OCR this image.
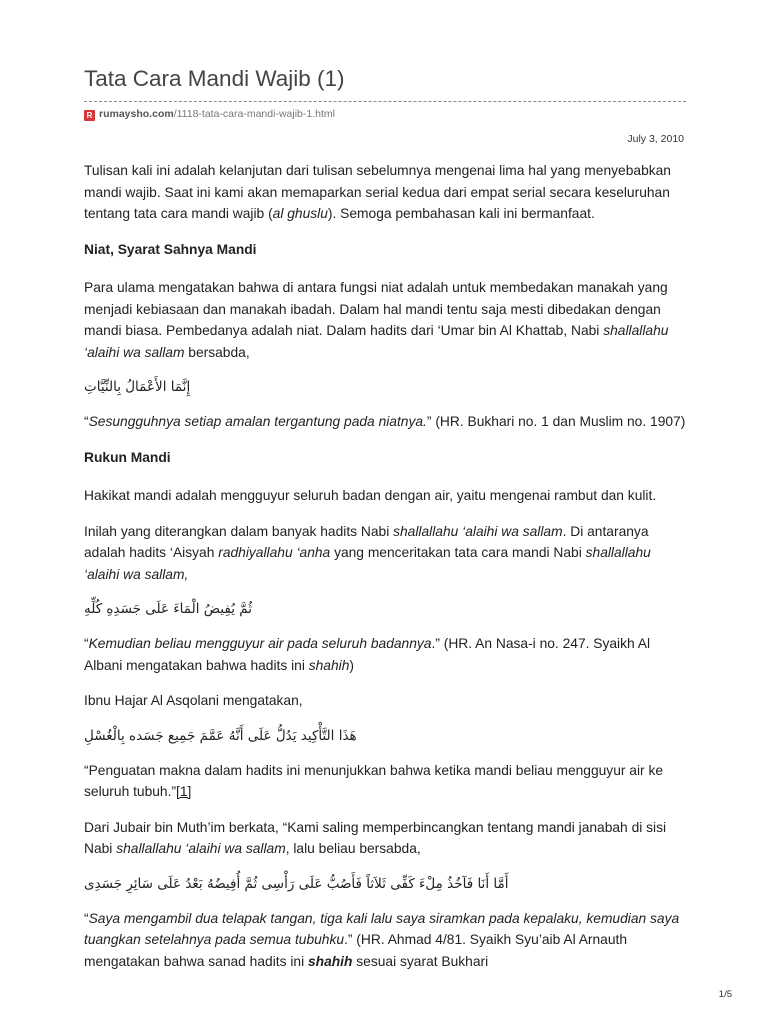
Tata Cara Mandi Wajib (1)
R rumaysho.com/1118-tata-cara-mandi-wajib-1.html
July 3, 2010

Tulisan kali ini adalah kelanjutan dari tulisan sebelumnya mengenai lima hal yang menyebabkan mandi wajib. Saat ini kami akan memaparkan serial kedua dari empat serial secara keseluruhan tentang tata cara mandi wajib (al ghuslu). Semoga pembahasan kali ini bermanfaat.

Niat, Syarat Sahnya Mandi

Para ulama mengatakan bahwa di antara fungsi niat adalah untuk membedakan manakah yang menjadi kebiasaan dan manakah ibadah. Dalam hal mandi tentu saja mesti dibedakan dengan mandi biasa. Pembedanya adalah niat. Dalam hadits dari ‘Umar bin Al Khattab, Nabi shallallahu ‘alaihi wa sallam bersabda,

إِنَّمَا الأَعْمَالُ بِالنِّيَّاتِ

“Sesungguhnya setiap amalan tergantung pada niatnya.” (HR. Bukhari no. 1 dan Muslim no. 1907)

Rukun Mandi

Hakikat mandi adalah mengguyur seluruh badan dengan air, yaitu mengenai rambut dan kulit.

Inilah yang diterangkan dalam banyak hadits Nabi shallallahu ‘alaihi wa sallam. Di antaranya adalah hadits ‘Aisyah radhiyallahu ‘anha yang menceritakan tata cara mandi Nabi shallallahu ‘alaihi wa sallam,

ثُمَّ يُفِيضُ الْمَاءَ عَلَى جَسَدِهِ كُلِّهِ

“Kemudian beliau mengguyur air pada seluruh badannya.” (HR. An Nasa-i no. 247. Syaikh Al Albani mengatakan bahwa hadits ini shahih)

Ibnu Hajar Al Asqolani mengatakan,

هَذَا التَّأْكِيد يَدُلُّ عَلَى أَنَّهُ عَمَّمَ جَمِيع جَسَده بِالْغُسْلِ

“Penguatan makna dalam hadits ini menunjukkan bahwa ketika mandi beliau mengguyur air ke seluruh tubuh.”[1]

Dari Jubair bin Muth’im berkata, “Kami saling memperbincangkan tentang mandi janabah di sisi Nabi shallallahu ‘alaihi wa sallam, lalu beliau bersabda,

أَمَّا أَنَا فَآخُذُ مِلْءَ كَفِّى ثَلاَثاً فَأَصُبُّ عَلَى رَأْسِى ثُمَّ أُفِيضُهُ بَعْدُ عَلَى سَائِرِ جَسَدِى

“Saya mengambil dua telapak tangan, tiga kali lalu saya siramkan pada kepalaku, kemudian saya tuangkan setelahnya pada semua tubuhku.” (HR. Ahmad 4/81. Syaikh Syu’aib Al Arnauth mengatakan bahwa sanad hadits ini shahih sesuai syarat Bukhari

1/5
